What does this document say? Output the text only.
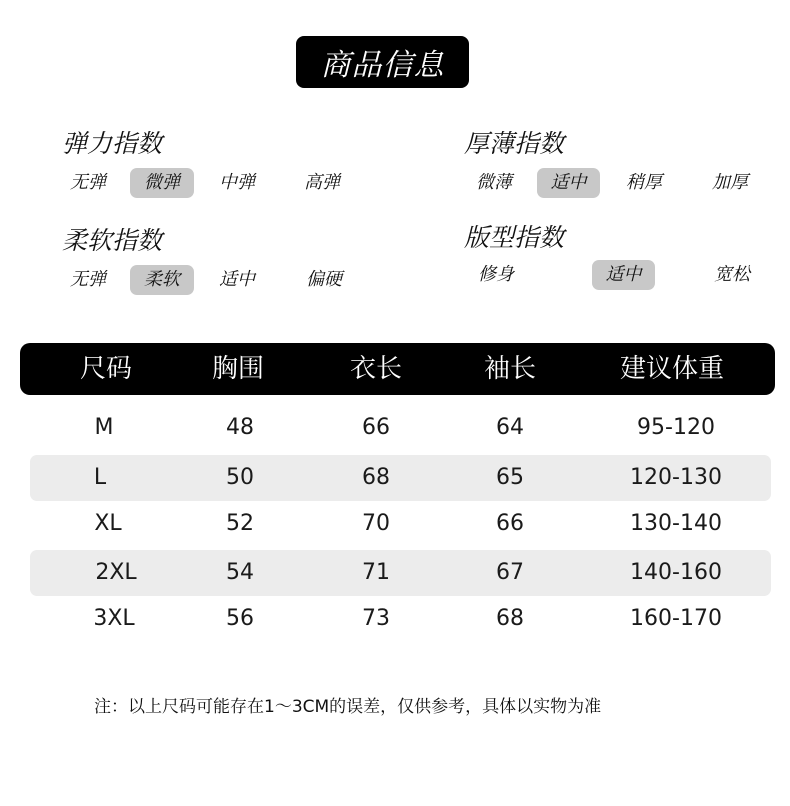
商品信息
弹力指数
无弹	微弹	中弹	高弹
厚薄指数
微薄	适中	稍厚	加厚
柔软指数
无弹	柔软	适中	偏硬
版型指数
修身	适中	宽松
尺码	胸围	衣长	袖长	建议体重
M	48	66	64	95-120
L	50	68	65	120-130
XL	52	70	66	130-140
2XL	54	71	67	140-160
3XL	56	73	68	160-170
注：以上尺码可能存在1～3CM的误差，仅供参考，具体以实物为准
